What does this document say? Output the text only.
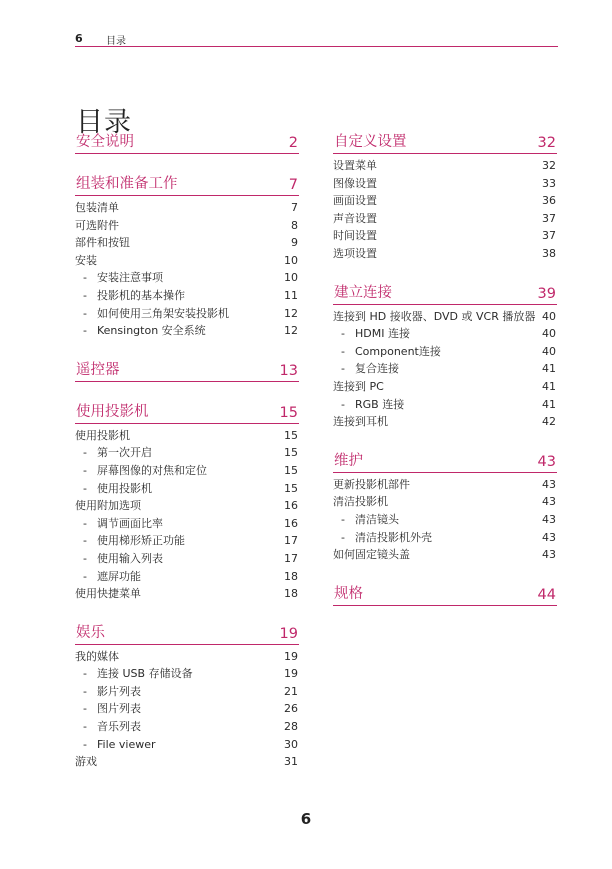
6 目录
目录
安全说明	2
组装和准备工作	7
包装清单	7
可选附件	8
部件和按钮	9
安装	10
- 安装注意事项	10
- 投影机的基本操作	11
- 如何使用三角架安装投影机	12
- Kensington 安全系统	12
遥控器	13
使用投影机	15
使用投影机	15
- 第一次开启	15
- 屏幕图像的对焦和定位	15
- 使用投影机	15
使用附加选项	16
- 调节画面比率	16
- 使用梯形矫正功能	17
- 使用输入列表	17
- 遮屏功能	18
使用快捷菜单	18
娱乐	19
我的媒体	19
- 连接 USB 存储设备	19
- 影片列表	21
- 图片列表	26
- 音乐列表	28
- File viewer	30
游戏	31
自定义设置	32
设置菜单	32
图像设置	33
画面设置	36
声音设置	37
时间设置	37
选项设置	38
建立连接	39
连接到 HD 接收器、DVD 或 VCR 播放器 40
- HDMI 连接	40
- Component连接	40
- 复合连接	41
连接到 PC	41
- RGB 连接	41
连接到耳机	42
维护	43
更新投影机部件	43
清洁投影机	43
- 清洁镜头	43
- 清洁投影机外壳	43
如何固定镜头盖	43
规格	44
6
